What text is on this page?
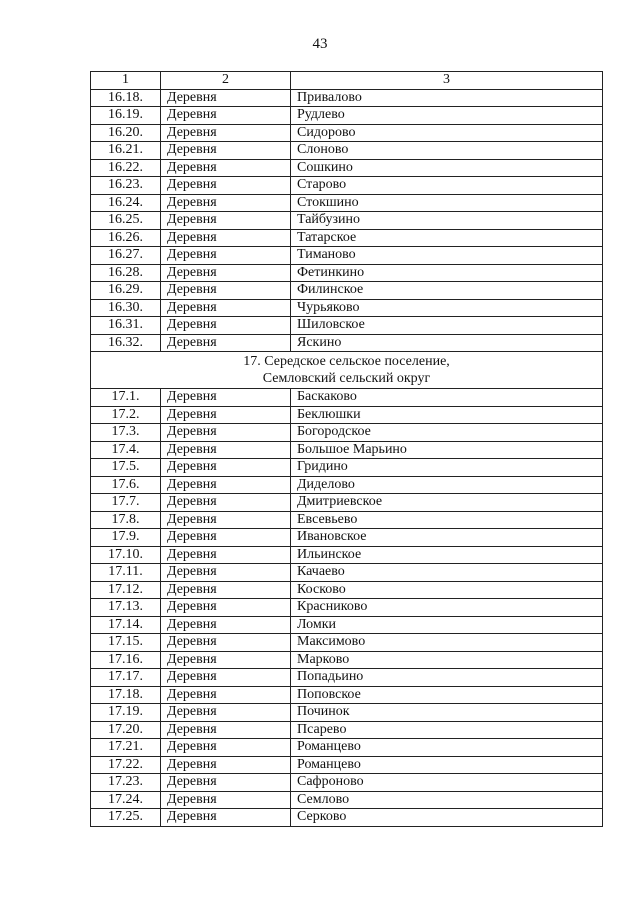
43
1	2	3
16.18.	Деревня	Привалово
16.19.	Деревня	Рудлево
16.20.	Деревня	Сидорово
16.21.	Деревня	Слоново
16.22.	Деревня	Сошкино
16.23.	Деревня	Старово
16.24.	Деревня	Стокшино
16.25.	Деревня	Тайбузино
16.26.	Деревня	Татарское
16.27.	Деревня	Тиманово
16.28.	Деревня	Фетинкино
16.29.	Деревня	Филинское
16.30.	Деревня	Чурьяково
16.31.	Деревня	Шиловское
16.32.	Деревня	Яскино

17. Середское сельское поселение,
Семловский сельский округ		

17.1.	Деревня	Баскаково
17.2.	Деревня	Беклюшки
17.3.	Деревня	Богородское
17.4.	Деревня	Большое Марьино
17.5.	Деревня	Гридино
17.6.	Деревня	Диделово
17.7.	Деревня	Дмитриевское
17.8.	Деревня	Евсевьево
17.9.	Деревня	Ивановское
17.10.	Деревня	Ильинское
17.11.	Деревня	Качаево
17.12.	Деревня	Косково
17.13.	Деревня	Красниково
17.14.	Деревня	Ломки
17.15.	Деревня	Максимово
17.16.	Деревня	Марково
17.17.	Деревня	Попадьино
17.18.	Деревня	Поповское
17.19.	Деревня	Починок
17.20.	Деревня	Псарево
17.21.	Деревня	Романцево
17.22.	Деревня	Романцево
17.23.	Деревня	Сафроново
17.24.	Деревня	Семлово
17.25.	Деревня	Серково
